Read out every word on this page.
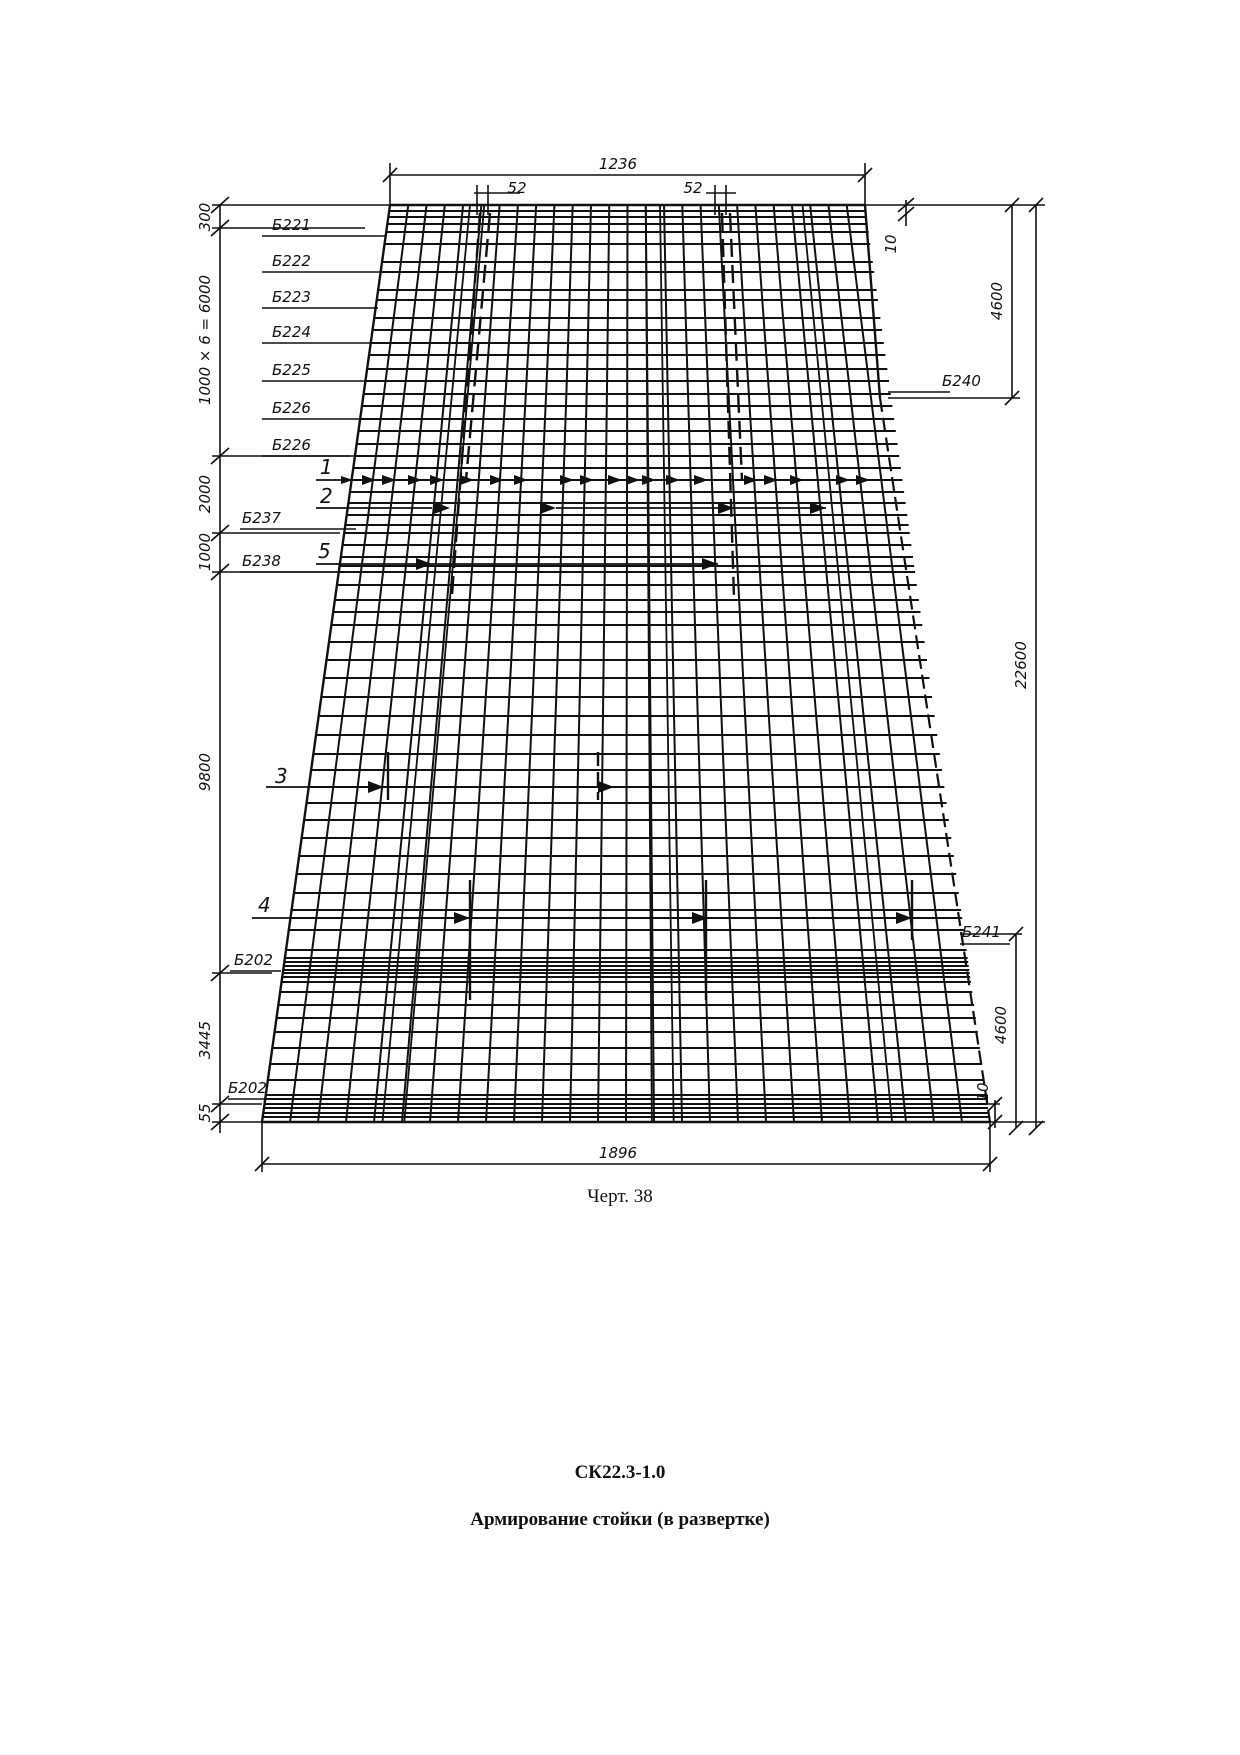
1236
1896
52	52
300
1000 × 6 = 6000
2000
1000
9800
3445
55
4600
22600
4600
10
10
Б221
Б222
Б223
Б224
Б225
Б226
Б226
Б237
Б238
Б202
Б202
Б240
Б241
1
2
5
3
4
Черт. 38
СК22.3-1.0
Армирование стойки (в развертке)
